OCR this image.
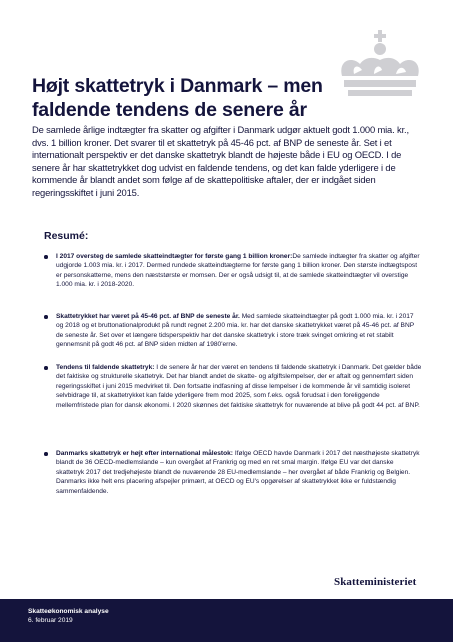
Højt skattetryk i Danmark – men faldende tendens de senere år

De samlede årlige indtægter fra skatter og afgifter i Danmark udgør aktuelt godt 1.000 mia. kr., dvs. 1 billion kroner. Det svarer til et skattetryk på 45-46 pct. af BNP de seneste år. Set i et internationalt perspektiv er det danske skattetryk blandt de højeste både i EU og OECD. I de senere år har skattetrykket dog udvist en faldende tendens, og det kan falde yderligere i de kommende år blandt andet som følge af de skattepolitiske aftaler, der er indgået siden regeringsskiftet i juni 2015.

Resumé:
I 2017 oversteg de samlede skatteindtægter for første gang 1 billion kroner:De samlede indtægter fra skatter og afgifter udgjorde 1.003 mia. kr. i 2017. Dermed rundede skatteindtægterne for første gang 1 billion kroner. Den største indtægtspost er personskatterne, mens den næststørste er momsen. Der er også udsigt til, at de samlede skatteindtægter vil overstige 1.000 mia. kr. i 2018-2020.
Skattetrykket har været på 45-46 pct. af BNP de seneste år. Med samlede skatteindtægter på godt 1.000 mia. kr. i 2017 og 2018 og et bruttonationalprodukt på rundt regnet 2.200 mia. kr. har det danske skattetrykket været på 45-46 pct. af BNP de seneste år. Set over et længere tidsperspektiv har det danske skattetryk i store træk svinget omkring et ret stabilt gennemsnit på godt 46 pct. af BNP siden midten af 1980'erne.
Tendens til faldende skattetryk: I de senere år har der været en tendens til faldende skattetryk i Danmark. Det gælder både det faktiske og strukturelle skattetryk. Det har blandt andet de skatte- og afgiftslempelser, der er aftalt og gennemført siden regeringsskiftet i juni 2015 medvirket til. Den fortsatte indfasning af disse lempelser i de kommende år vil samtidig isoleret selvbidrage til, at skattetrykket kan falde yderligere frem mod 2025, som f.eks. også forudsat i den foreliggende mellemfristede plan for dansk økonomi. I 2020 skønnes det faktiske skattetryk for nuværende at blive på godt 44 pct. af BNP.
Danmarks skattetryk er højt efter international målestok: Ifølge OECD havde Danmark i 2017 det næsthøjeste skattetryk blandt de 36 OECD-medlemslande – kun overgået af Frankrig og med en ret smal margin. Ifølge EU var det danske skattetryk 2017 det tredjehøjeste blandt de nuværende 28 EU-medlemslande – her overgået af både Frankrig og Belgien. Danmarks ikke helt ens placering afspejler primært, at OECD og EU's opgørelser af skattetrykket ikke er fuldstændig sammenfaldende.
Skatteministeriet
Skatteøkonomisk analyse
6. februar 2019
